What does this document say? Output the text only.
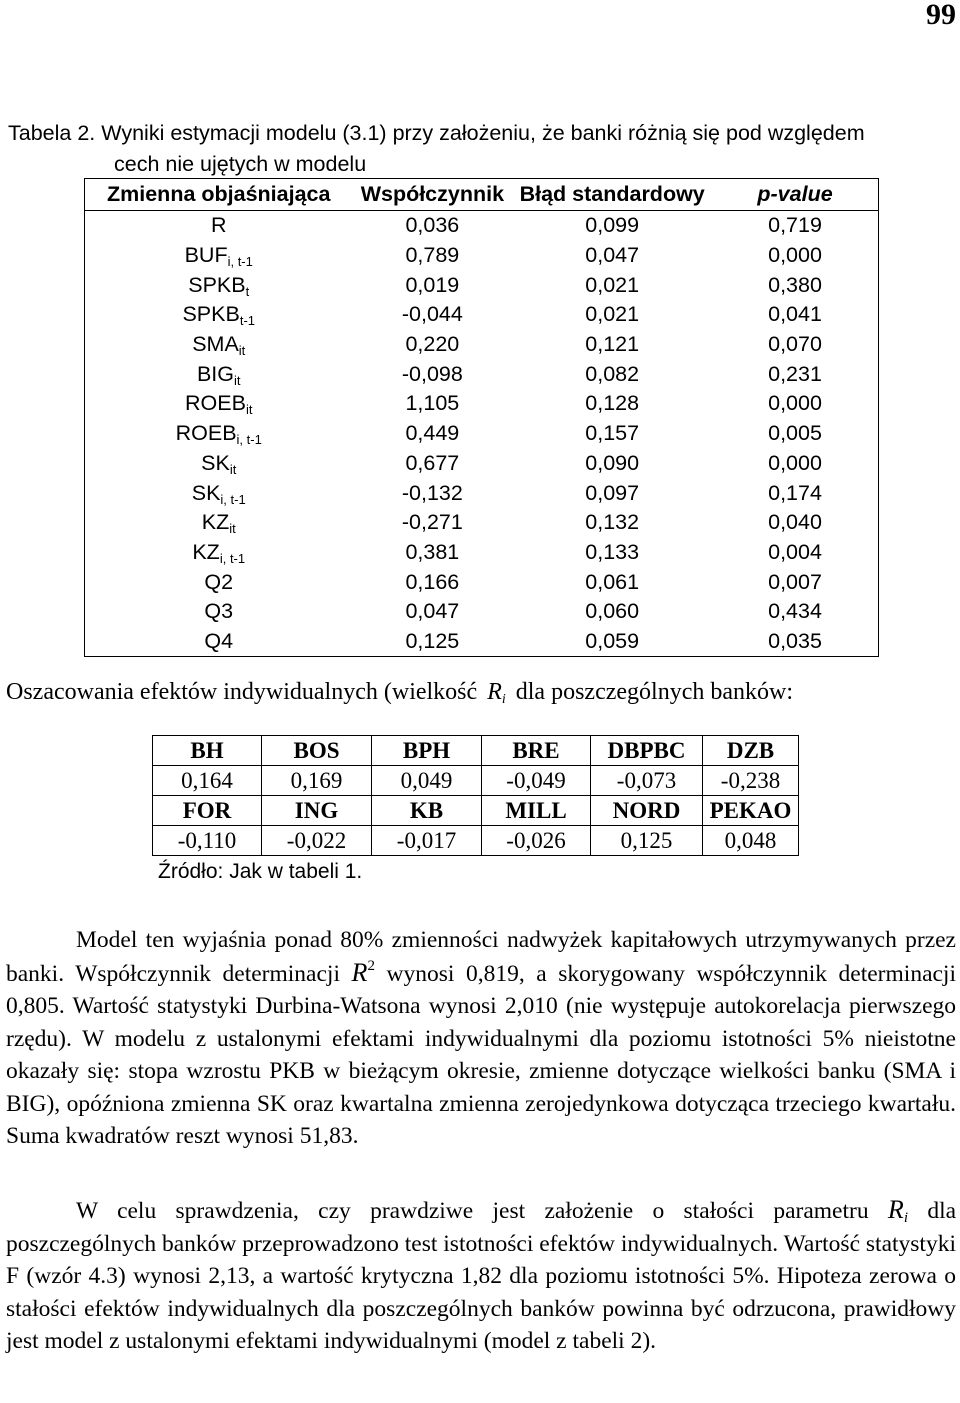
99
Tabela 2. Wyniki estymacji modelu (3.1) przy założeniu, że banki różnią się pod względem
cech nie ujętych w modelu
Zmienna objaśniająca	Współczynnik	Błąd standardowy	p-value
R	0,036	0,099	0,719
$BUF_{i, t-1}$	0,789	0,047	0,000
$SPKB_t$	0,019	0,021	0,380
$SPKB_{t-1}$	-0,044	0,021	0,041
$SMA_{it}$	0,220	0,121	0,070
$BIG_{it}$	-0,098	0,082	0,231
$ROEB_{it}$	1,105	0,128	0,000
$ROEB_{i, t-1}$	0,449	0,157	0,005
$SK_{it}$	0,677	0,090	0,000
$SK_{i, t-1}$	-0,132	0,097	0,174
$KZ_{it}$	-0,271	0,132	0,040
$KZ_{i, t-1}$	0,381	0,133	0,004
Q2	0,166	0,061	0,007
Q3	0,047	0,060	0,434
Q4	0,125	0,059	0,035
Oszacowania efektów indywidualnych (wielkość $R_i$ dla poszczególnych banków:
BH	BOS	BPH	BRE	DBPBC	DZB
0,164	0,169	0,049	-0,049	-0,073	-0,238
FOR	ING	KB	MILL	NORD	PEKAO
-0,110	-0,022	-0,017	-0,026	0,125	0,048
Źródło: Jak w tabeli 1.
Model ten wyjaśnia ponad 80% zmienności nadwyżek kapitałowych utrzymywanych przez banki. Współczynnik determinacji $R^2$ wynosi 0,819, a skorygowany współczynnik determinacji 0,805. Wartość statystyki Durbina-Watsona wynosi 2,010 (nie występuje autokorelacja pierwszego rzędu). W modelu z ustalonymi efektami indywidualnymi dla poziomu istotności 5% nieistotne okazały się: stopa wzrostu PKB w bieżącym okresie, zmienne dotyczące wielkości banku (SMA i BIG), opóźniona zmienna SK oraz kwartalna zmienna zerojedynkowa dotycząca trzeciego kwartału. Suma kwadratów reszt wynosi 51,83.
W celu sprawdzenia, czy prawdziwe jest założenie o stałości parametru $R_i$ dla poszczególnych banków przeprowadzono test istotności efektów indywidualnych. Wartość statystyki F (wzór 4.3) wynosi 2,13, a wartość krytyczna 1,82 dla poziomu istotności 5%. Hipoteza zerowa o stałości efektów indywidualnych dla poszczególnych banków powinna być odrzucona, prawidłowy jest model z ustalonymi efektami indywidualnymi (model z tabeli 2).
